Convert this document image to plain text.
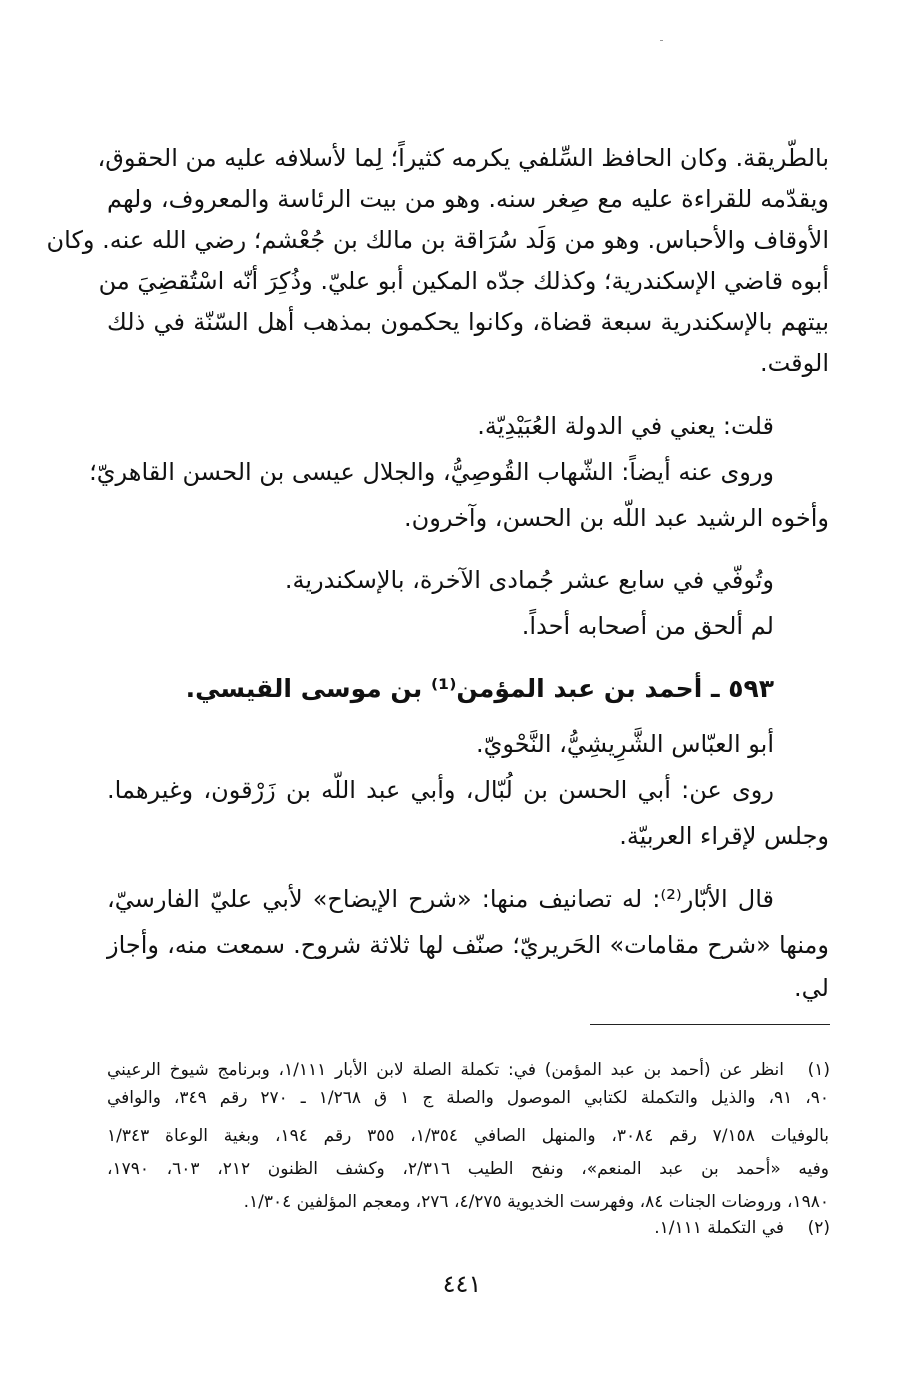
بالطّريقة. وكان الحافظ السِّلفي يكرمه كثيراً؛ لِما لأسلافه عليه من الحقوق،
ويقدّمه للقراءة عليه مع صِغر سنه. وهو من بيت الرئاسة والمعروف، ولهم
الأوقاف والأحباس. وهو من وَلَد سُرَاقة بن مالك بن جُعْشم؛ رضي الله عنه. وكان
أبوه قاضي الإسكندرية؛ وكذلك جدّه المكين أبو عليّ. وذُكِرَ أنّه اسْتُقضِيَ من
بيتهم بالإسكندرية سبعة قضاة، وكانوا يحكمون بمذهب أهل السّنّة في ذلك
الوقت.
قلت: يعني في الدولة العُبَيْدِيّة.
وروى عنه أيضاً: الشّهاب القُوصِيُّ، والجلال عيسى بن الحسن القاهريّ؛
وأخوه الرشيد عبد اللّه بن الحسن، وآخرون.
وتُوفّي في سابع عشر جُمادى الآخرة، بالإسكندرية.
لم ألحق من أصحابه أحداً.
٥٩٣ ـ أحمد بن عبد المؤمن⁽¹⁾ بن موسى القيسي.
أبو العبّاس الشَّرِيشِيُّ، النَّحْويّ.
روى عن: أبي الحسن بن لُبّال، وأبي عبد اللّه بن زَرْقون، وغيرهما.
وجلس لإقراء العربيّة.
قال الأبّار⁽²⁾: له تصانيف منها: «شرح الإيضاح» لأبي عليّ الفارسيّ،
ومنها «شرح مقامات» الحَريريّ؛ صنّف لها ثلاثة شروح. سمعت منه، وأجاز
لي.
(١)
انظر عن (أحمد بن عبد المؤمن) في: تكملة الصلة لابن الأبار ١/١١١، وبرنامج شيوخ الرعيني
٩٠، ٩١، والذيل والتكملة لكتابي الموصول والصلة ج ١ ق ١/٢٦٨ ـ ٢٧٠ رقم ٣٤٩، والوافي
بالوفيات ٧/١٥٨ رقم ٣٠٨٤، والمنهل الصافي ١/٣٥٤، ٣٥٥ رقم ١٩٤، وبغية الوعاة ١/٣٤٣
وفيه «أحمد بن عبد المنعم»، ونفح الطيب ٢/٣١٦، وكشف الظنون ٢١٢، ٦٠٣، ١٧٩٠،
١٩٨٠، وروضات الجنات ٨٤، وفهرست الخديوية ٤/٢٧٥، ٢٧٦، ومعجم المؤلفين ١/٣٠٤.
(٢)
في التكملة ١/١١١.
٤٤١
